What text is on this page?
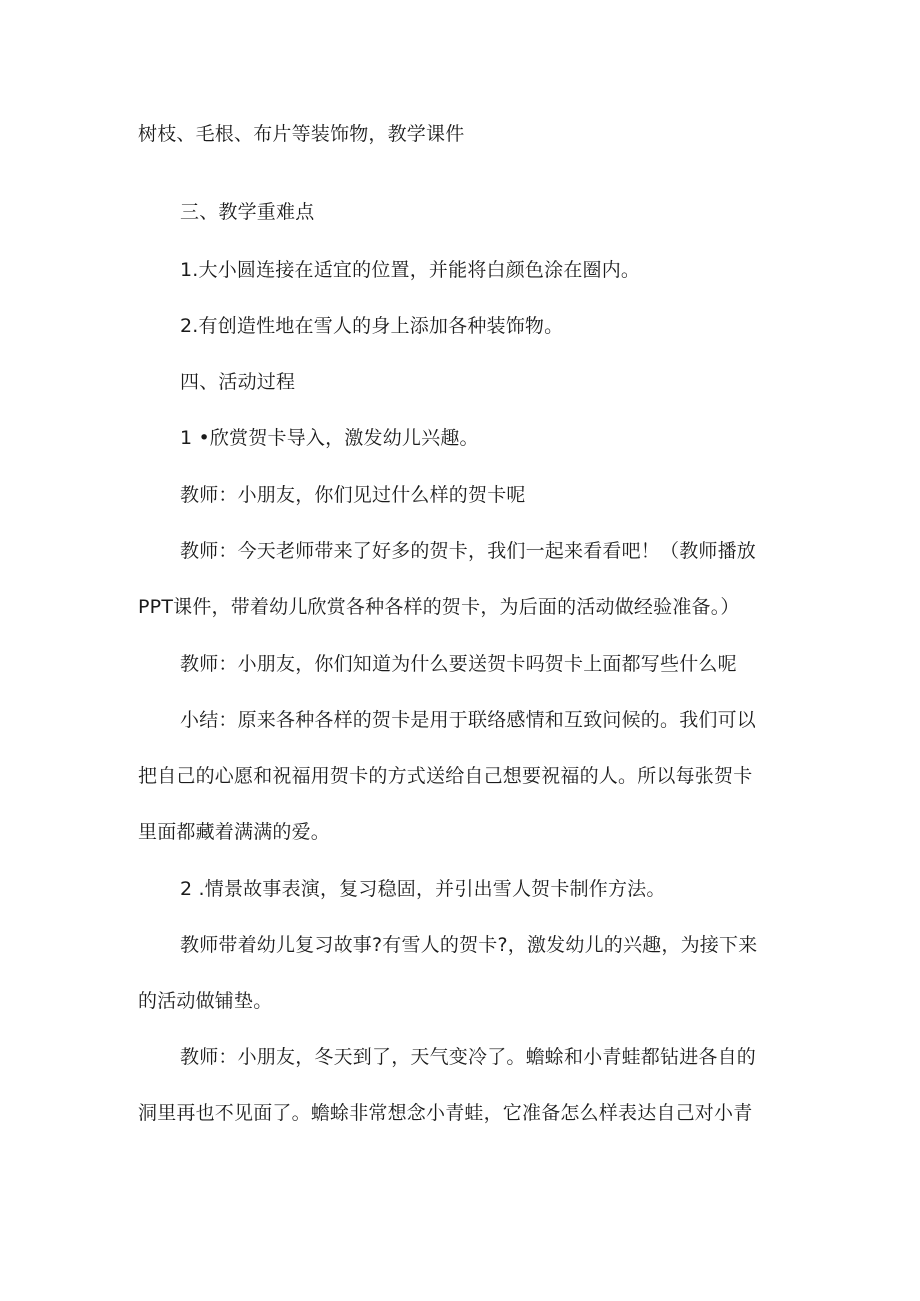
树枝、毛根、布片等装饰物，教学课件
三、教学重难点
1.大小圆连接在适宜的位置，并能将白颜色涂在圈内。
2.有创造性地在雪人的身上添加各种装饰物。
四、活动过程
1 •欣赏贺卡导入，激发幼儿兴趣。
教师：小朋友，你们见过什么样的贺卡呢
教师：今天老师带来了好多的贺卡，我们一起来看看吧！（教师播放
PPT课件，带着幼儿欣赏各种各样的贺卡，为后面的活动做经验准备。）
教师：小朋友，你们知道为什么要送贺卡吗贺卡上面都写些什么呢
小结：原来各种各样的贺卡是用于联络感情和互致问候的。我们可以
把自己的心愿和祝福用贺卡的方式送给自己想要祝福的人。所以每张贺卡
里面都藏着满满的爱。
2 .情景故事表演，复习稳固，并引出雪人贺卡制作方法。
教师带着幼儿复习故事?有雪人的贺卡?，激发幼儿的兴趣，为接下来
的活动做铺垫。
教师：小朋友，冬天到了，天气变冷了。蟾蜍和小青蛙都钻进各自的
洞里再也不见面了。蟾蜍非常想念小青蛙，它准备怎么样表达自己对小青
